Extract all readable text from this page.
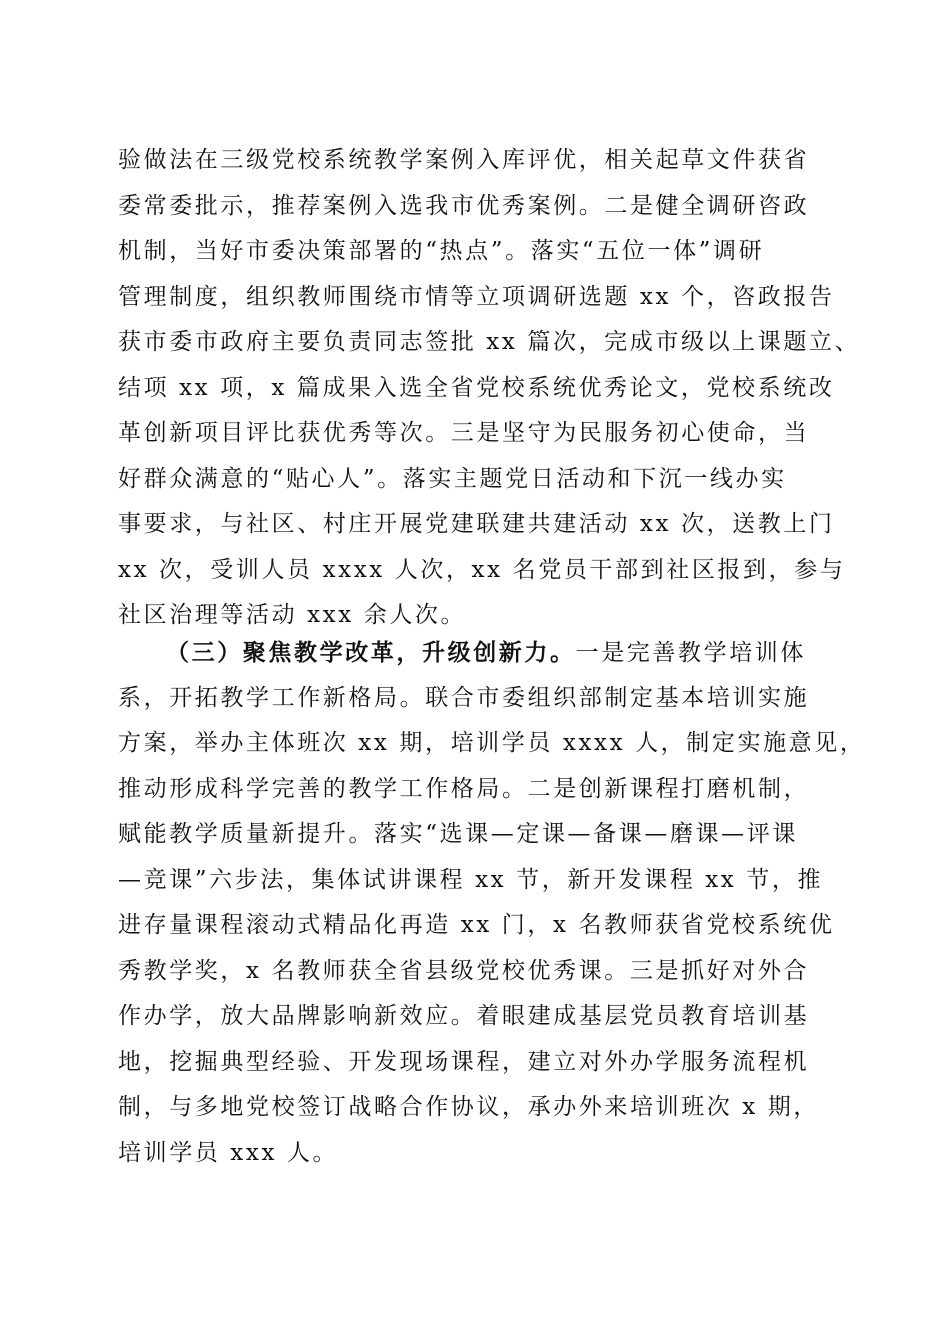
验做法在三级党校系统教学案例入库评优，相关起草文件获省
委常委批示，推荐案例入选我市优秀案例。二是健全调研咨政
机制，当好市委决策部署的“热点”。落实“五位一体”调研
管理制度，组织教师围绕市情等立项调研选题 xx 个，咨政报告
获市委市政府主要负责同志签批 xx 篇次，完成市级以上课题立、
结项 xx 项，x 篇成果入选全省党校系统优秀论文，党校系统改
革创新项目评比获优秀等次。三是坚守为民服务初心使命，当
好群众满意的“贴心人”。落实主题党日活动和下沉一线办实
事要求，与社区、村庄开展党建联建共建活动 xx 次，送教上门
xx 次，受训人员 xxxx 人次，xx 名党员干部到社区报到，参与
社区治理等活动 xxx 余人次。
（三）聚焦教学改革，升级创新力。一是完善教学培训体
系，开拓教学工作新格局。联合市委组织部制定基本培训实施
方案，举办主体班次 xx 期，培训学员 xxxx 人，制定实施意见，
推动形成科学完善的教学工作格局。二是创新课程打磨机制，
赋能教学质量新提升。落实“选课—定课—备课—磨课—评课
—竞课”六步法，集体试讲课程 xx 节，新开发课程 xx 节，推
进存量课程滚动式精品化再造 xx 门，x 名教师获省党校系统优
秀教学奖，x 名教师获全省县级党校优秀课。三是抓好对外合
作办学，放大品牌影响新效应。着眼建成基层党员教育培训基
地，挖掘典型经验、开发现场课程，建立对外办学服务流程机
制，与多地党校签订战略合作协议，承办外来培训班次 x 期，
培训学员 xxx 人。
